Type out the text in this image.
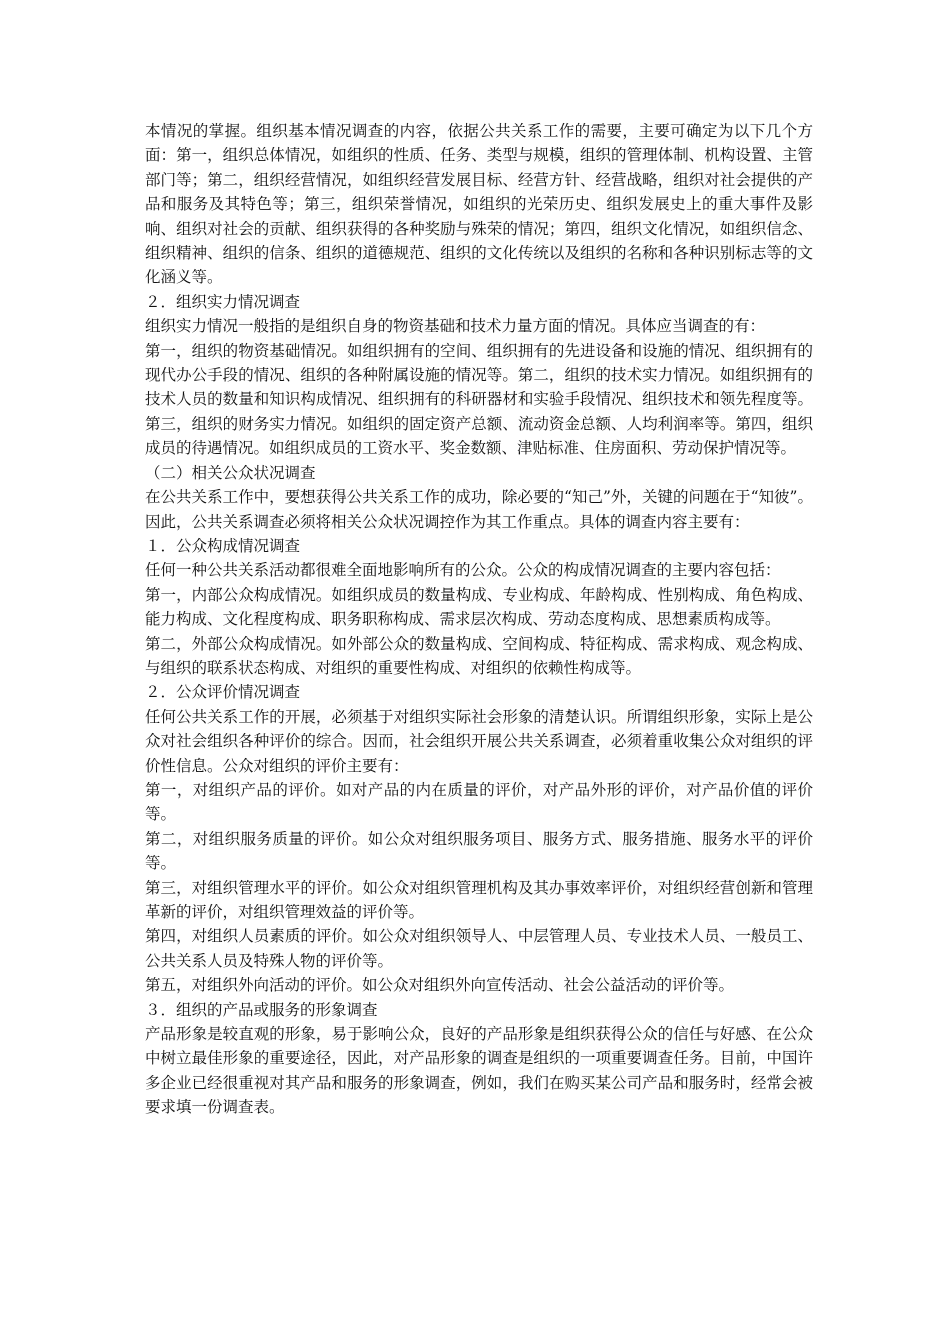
本情况的掌握。组织基本情况调查的内容，依据公共关系工作的需要，主要可确定为以下几个方面：第一，组织总体情况，如组织的性质、任务、类型与规模，组织的管理体制、机构设置、主管部门等；第二，组织经营情况，如组织经营发展目标、经营方针、经营战略，组织对社会提供的产品和服务及其特色等；第三，组织荣誉情况，如组织的光荣历史、组织发展史上的重大事件及影响、组织对社会的贡献、组织获得的各种奖励与殊荣的情况；第四，组织文化情况，如组织信念、组织精神、组织的信条、组织的道德规范、组织的文化传统以及组织的名称和各种识别标志等的文化涵义等。

２．组织实力情况调查

组织实力情况一般指的是组织自身的物资基础和技术力量方面的情况。具体应当调查的有：

第一，组织的物资基础情况。如组织拥有的空间、组织拥有的先进设备和设施的情况、组织拥有的现代办公手段的情况、组织的各种附属设施的情况等。第二，组织的技术实力情况。如组织拥有的技术人员的数量和知识构成情况、组织拥有的科研器材和实验手段情况、组织技术和领先程度等。第三，组织的财务实力情况。如组织的固定资产总额、流动资金总额、人均利润率等。第四，组织成员的待遇情况。如组织成员的工资水平、奖金数额、津贴标准、住房面积、劳动保护情况等。

（二）相关公众状况调查

在公共关系工作中，要想获得公共关系工作的成功，除必要的“知己”外，关键的问题在于“知彼”。因此，公共关系调查必须将相关公众状况调控作为其工作重点。具体的调查内容主要有：

１．公众构成情况调查

任何一种公共关系活动都很难全面地影响所有的公众。公众的构成情况调查的主要内容包括：

第一，内部公众构成情况。如组织成员的数量构成、专业构成、年龄构成、性别构成、角色构成、能力构成、文化程度构成、职务职称构成、需求层次构成、劳动态度构成、思想素质构成等。

第二，外部公众构成情况。如外部公众的数量构成、空间构成、特征构成、需求构成、观念构成、与组织的联系状态构成、对组织的重要性构成、对组织的依赖性构成等。

２．公众评价情况调查

任何公共关系工作的开展，必须基于对组织实际社会形象的清楚认识。所谓组织形象，实际上是公众对社会组织各种评价的综合。因而，社会组织开展公共关系调查，必须着重收集公众对组织的评价性信息。公众对组织的评价主要有：

第一，对组织产品的评价。如对产品的内在质量的评价，对产品外形的评价，对产品价值的评价等。

第二，对组织服务质量的评价。如公众对组织服务项目、服务方式、服务措施、服务水平的评价等。

第三，对组织管理水平的评价。如公众对组织管理机构及其办事效率评价，对组织经营创新和管理革新的评价，对组织管理效益的评价等。

第四，对组织人员素质的评价。如公众对组织领导人、中层管理人员、专业技术人员、一般员工、公共关系人员及特殊人物的评价等。

第五，对组织外向活动的评价。如公众对组织外向宣传活动、社会公益活动的评价等。

３．组织的产品或服务的形象调查

产品形象是较直观的形象，易于影响公众，良好的产品形象是组织获得公众的信任与好感、在公众中树立最佳形象的重要途径，因此，对产品形象的调查是组织的一项重要调查任务。目前，中国许多企业已经很重视对其产品和服务的形象调查，例如，我们在购买某公司产品和服务时，经常会被要求填一份调查表。
